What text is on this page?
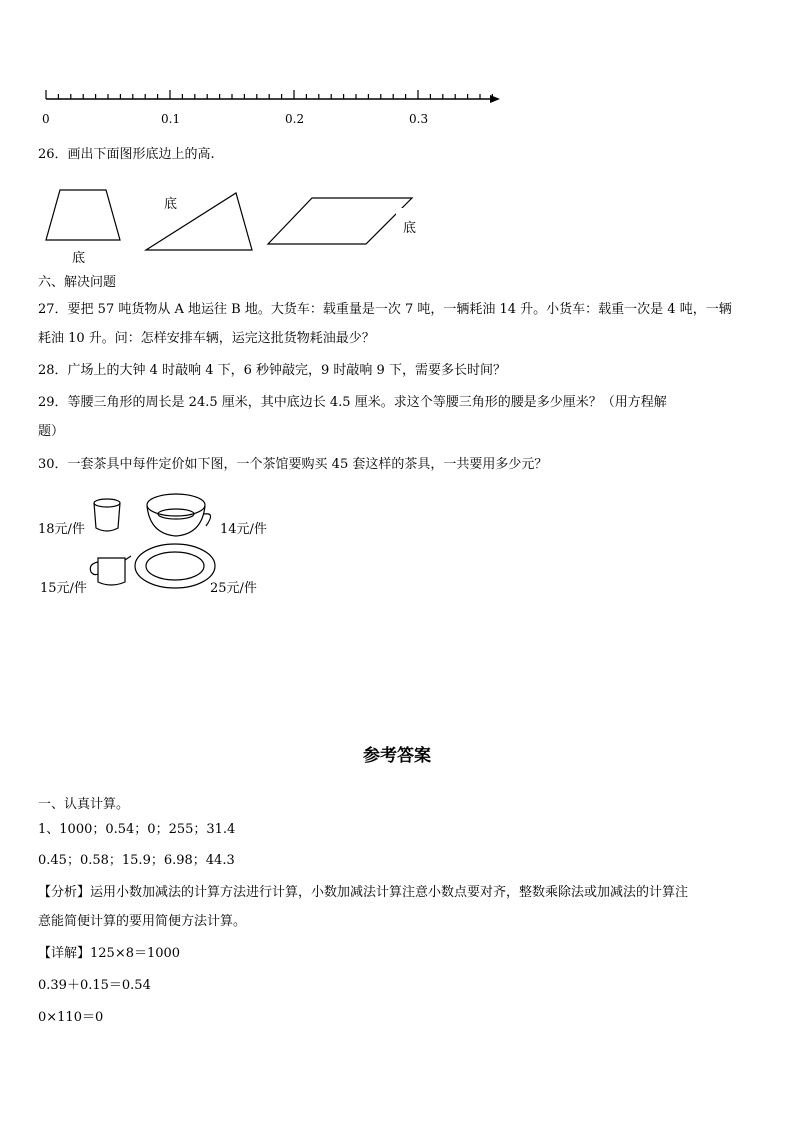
0	0.1	0.2	0.3
26．画出下面图形底边上的高.
底
底
底
六、解决问题
27．要把 57 吨货物从 A 地运往 B 地。大货车：载重量是一次 7 吨，一辆耗油 14 升。小货车：载重一次是 4 吨，一辆
耗油 10 升。问：怎样安排车辆，运完这批货物耗油最少？
28．广场上的大钟 4 时敲响 4 下，6 秒钟敲完，9 时敲响 9 下，需要多长时间？
29．等腰三角形的周长是 24.5 厘米，其中底边长 4.5 厘米。求这个等腰三角形的腰是多少厘米？（用方程解
题）
30．一套茶具中每件定价如下图，一个茶馆要购买 45 套这样的茶具，一共要用多少元？
18元/件	14元/件
15元/件	25元/件
参考答案
一、认真计算。
1、1000；0.54；0；255；31.4
0.45；0.58；15.9；6.98；44.3
【分析】运用小数加减法的计算方法进行计算，小数加减法计算注意小数点要对齐，整数乘除法或加减法的计算注
意能简便计算的要用简便方法计算。
【详解】125×8＝1000
0.39＋0.15＝0.54
0×110＝0
